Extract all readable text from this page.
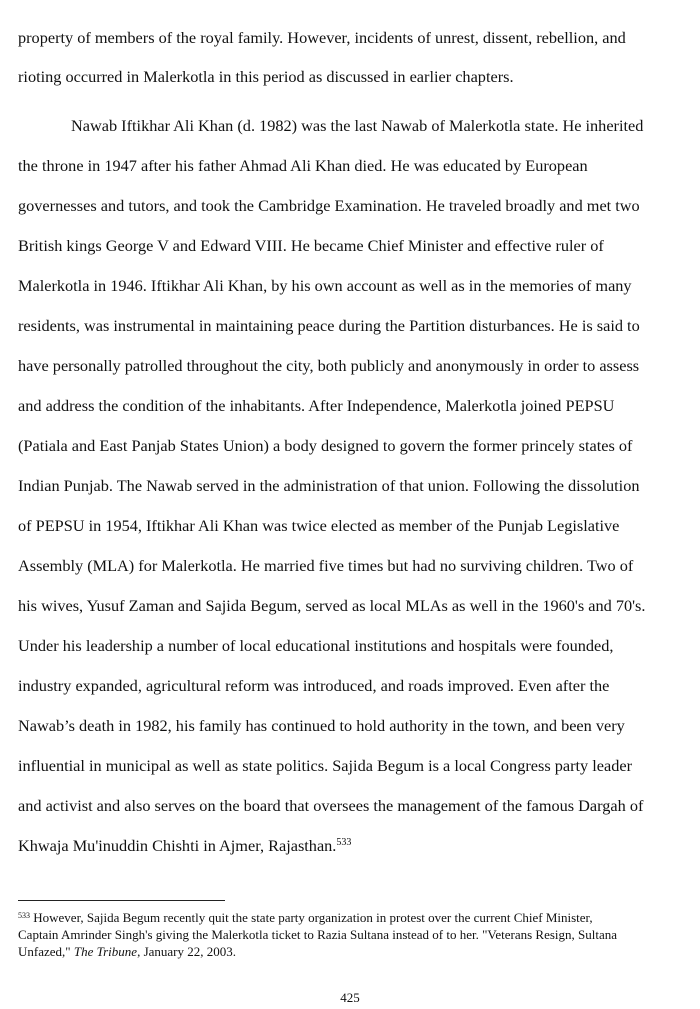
property of members of the royal family. However, incidents of unrest, dissent, rebellion, and
rioting occurred in Malerkotla in this period as discussed in earlier chapters.
Nawab Iftikhar Ali Khan (d. 1982) was the last Nawab of Malerkotla state. He inherited
the throne in 1947 after his father Ahmad Ali Khan died. He was educated by European
governesses and tutors, and took the Cambridge Examination. He traveled broadly and met two
British kings George V and Edward VIII. He became Chief Minister and effective ruler of
Malerkotla in 1946. Iftikhar Ali Khan, by his own account as well as in the memories of many
residents, was instrumental in maintaining peace during the Partition disturbances. He is said to
have personally patrolled throughout the city, both publicly and anonymously in order to assess
and address the condition of the inhabitants. After Independence, Malerkotla joined PEPSU
(Patiala and East Panjab States Union) a body designed to govern the former princely states of
Indian Punjab. The Nawab served in the administration of that union. Following the dissolution
of PEPSU in 1954, Iftikhar Ali Khan was twice elected as member of the Punjab Legislative
Assembly (MLA) for Malerkotla. He married five times but had no surviving children. Two of
his wives, Yusuf Zaman and Sajida Begum, served as local MLAs as well in the 1960's and 70's.
Under his leadership a number of local educational institutions and hospitals were founded,
industry expanded, agricultural reform was introduced, and roads improved. Even after the
Nawab’s death in 1982, his family has continued to hold authority in the town, and been very
influential in municipal as well as state politics. Sajida Begum is a local Congress party leader
and activist and also serves on the board that oversees the management of the famous Dargah of
Khwaja Mu'inuddin Chishti in Ajmer, Rajasthan.$^{533}$
$^{533}$ However, Sajida Begum recently quit the state party organization in protest over the current Chief Minister,
Captain Amrinder Singh's giving the Malerkotla ticket to Razia Sultana instead of to her. "Veterans Resign, Sultana
Unfazed," The Tribune, January 22, 2003.
425
